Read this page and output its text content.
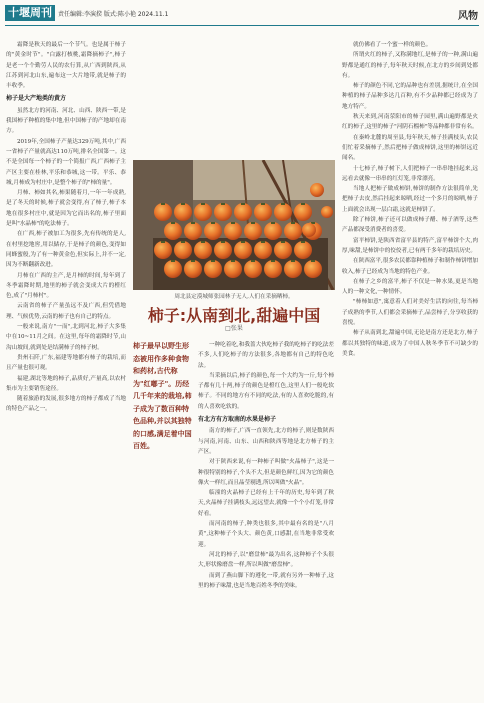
十堰周刊	责任编辑:李演揆 版式:陈小艳 2024.11.1	风物

霜降是秋天的最后一个节气。也是属于柿子的"黄金时节"。"白露打核桃,霜降摘柿子",柿子是老一个个勤劳人民的农行算,从广西到陕西,从江苏到河北山东,遍布这一大片地带,就是柿子的丰收季。

柿子是大产地类的黄方

虽然北方的河南、河北、山西、陕西一带,是我国柿子种植的集中地,但中国柿子的产地却在南方。

2019年,全国柿子产量达329万吨,其中,广西一省柿子产量就高达110万吨,排名全国第一。这不是全国每一个柿子的一个简报广西,广西柿子主产区主要在桂林,平乐和恭城,这一带。平乐、恭城,月柿成为村庄中,是整个柿子的"柿的量"。

月柿、柿如其名,柿果随着月,一年一年成熟,是了冬天的时候,柿子就会变得,有了柿子,柿子本地在很多村庄中,就是因为它而出名的,柿子里面是叫"水晶柿"的吃法柿子。

在广西,柿子被加工为很多,先有传统的是人,在村里挖地窖,用以储存,于是柿子的颜色,变得如同蜂蜜般,为了有一种黄金色,但实际上,并不一定,因为不断翻新改进。

月柿在广西的主产,是月柿的时间,每年到了冬季霜降时期,地里的柿子就会变成大片的橙红色,成了"月柿村"。

云南省的柿子产量虽远不及广西,但凭借地理、气候优势,云南的柿子也有自己的特点。

一般来说,南方"一而",北到河北,柿子大多集中在10~11月之间。在这里,每年的霜降时节,山沟山坡间,就到处是结满柿子的柿子树。

贵州石阡,广东,福建等地都有柿子的栽培,而且产量也很可观。

福建,湖北等地的柿子,品质好,产量高,以农村集市为主要销售途径。

随着旅游的发展,很多地方的柿子都成了当地的特色产品之一。

周北县定漠城师张园林子无人,人们在采摘晒柿。
柿子:从南到北,甜遍中国
□张果
柿子最早以野生形态被用作多种食物和药材,古代称为"红嘟子"。历经几千年来的栽培,柿子成为了数百种特色品种,并以其独特的口感,满足着中国百姓。

一种吃着吃,和我蔷大伙吃柿子我的吃柿子的吃法差不多,人们吃柿子的方法很多,各地都有自己的特色吃法。

当采摘以后,柿子的颜色,每一个大约为一斤,每个柿子都有几十两,柿子的颜色是橙红色,这里人们一般吃软柿子。不同的地方有不同的吃法,有的人喜欢吃脆的,有的人喜欢吃软的。

有北方有方取南的水果是柿子

南方的柿子,广西一直领先,北方的柿子,则是数陕西与河南,河南、山东、山西和陕西等地是北方柿子的主产区。

对于陕西来说,有一种柿子叫做"火晶柿子",这是一种很特别的柿子,个头不大,但是颜色鲜红,因为它的颜色像火一样红,而且晶莹剔透,所以叫做"火晶"。

临潼的火晶柿子已经有上千年的历史,每年到了秋天,火晶柿子挂满枝头,远远望去,就像一个个小灯笼,非常好看。

而河南的柿子,种类也很多,其中最有名的是"八月黄",这种柿子个头大、颜色黄,口感甜,在当地非常受欢迎。

河北的柿子,以"磨盘柿"最为出名,这种柿子个头很大,形状像磨盘一样,所以叫做"磨盘柿"。

而到了燕山脚下的遵化一带,就有另外一种柿子,这里的柿子味甜,也是当地百姓冬季的美味。

就仿佛看了一个蜜一样的颜色。

所谓火红的柿子,又称满地红,是柿子的一种,满山遍野都是通红的柿子,每年秋天时候,在北方的乡间到处都有。

柿子的颜色不同,它的品种也有差别,据统计,在全国种植的柿子品种多达几百种,有不少品种都已经成为了地方特产。

秋天来到,河南荥阳市的柿子园里,满山遍野都是火红的柿子,这里的柿子"河阴石榴柿"等品种都非常有名。

在秦岭北麓的周至县,每年秋天,柿子挂满枝头,农民们忙着采摘柿子,然后把柿子做成柿饼,这里的柿饼远近闻名。

十七柿子,柿子树下,人们把柿子一串串地挂起来,远远看去就像一串串的红灯笼,非常漂亮。

当地人把柿子做成柿饼,柿饼的制作方法很简单,先把柿子去皮,然后挂起来晾晒,经过一个多月的晾晒,柿子上面就会出现一层白霜,这就是柿饼了。

除了柿饼,柿子还可以做成柿子醋、柿子酒等,这些产品都深受消费者的喜爱。

富平柿饼,是陕西省富平县的特产,富平柿饼个大,肉厚,味甜,是柿饼中的佼佼者,已有两千多年的栽培历史。

在陕西富平,很多农民都靠种植柿子和制作柿饼增加收入,柿子已经成为当地的特色产业。

在柿子之乡的富平,柿子不仅是一种水果,更是当地人的一种文化,一种情怀。

"柿柿如意",寓意着人们对美好生活的向往,每当柿子成熟的季节,人们都会采摘柿子,品尝柿子,分享收获的喜悦。

柿子从南到北,甜遍中国,无论是南方还是北方,柿子都以其独特的味道,成为了中国人秋冬季节不可缺少的美食。
